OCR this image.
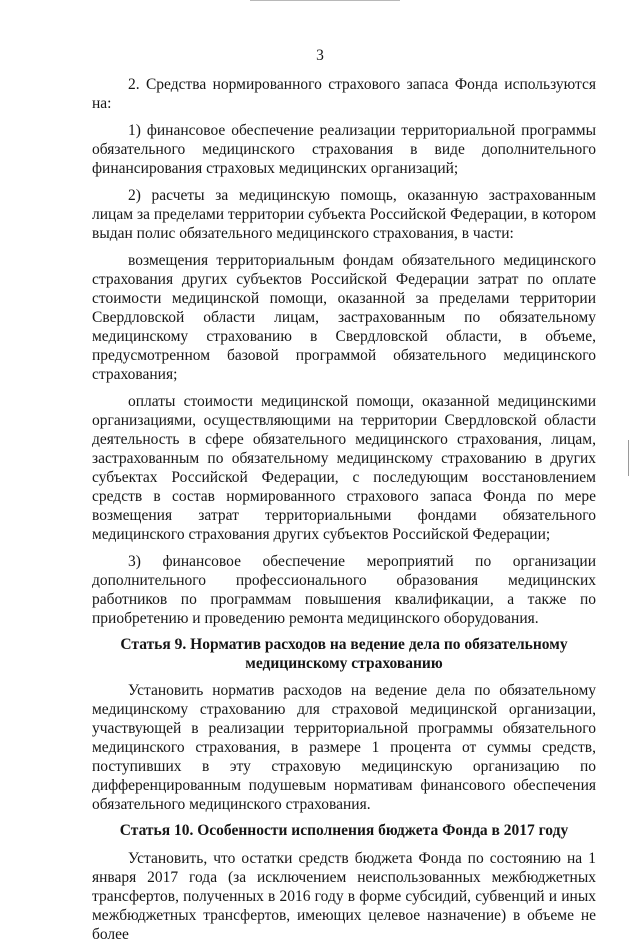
3

2. Средства нормированного страхового запаса Фонда используются на:

1) финансовое обеспечение реализации территориальной программы обязательного медицинского страхования в виде дополнительного финансирования страховых медицинских организаций;

2) расчеты за медицинскую помощь, оказанную застрахованным лицам за пределами территории субъекта Российской Федерации, в котором выдан полис обязательного медицинского страхования, в части:

возмещения территориальным фондам обязательного медицинского страхования других субъектов Российской Федерации затрат по оплате стоимости медицинской помощи, оказанной за пределами территории Свердловской области лицам, застрахованным по обязательному медицинскому страхованию в Свердловской области, в объеме, предусмотренном базовой программой обязательного медицинского страхования;

оплаты стоимости медицинской помощи, оказанной медицинскими организациями, осуществляющими на территории Свердловской области деятельность в сфере обязательного медицинского страхования, лицам, застрахованным по обязательному медицинскому страхованию в других субъектах Российской Федерации, с последующим восстановлением средств в состав нормированного страхового запаса Фонда по мере возмещения затрат территориальными фондами обязательного медицинского страхования других субъектов Российской Федерации;

3) финансовое обеспечение мероприятий по организации дополнительного профессионального образования медицинских работников по программам повышения квалификации, а также по приобретению и проведению ремонта медицинского оборудования.

Статья 9. Норматив расходов на ведение дела по обязательному
медицинскому страхованию

Установить норматив расходов на ведение дела по обязательному медицинскому страхованию для страховой медицинской организации, участвующей в реализации территориальной программы обязательного медицинского страхования, в размере 1 процента от суммы средств, поступивших в эту страховую медицинскую организацию по дифференцированным подушевым нормативам финансового обеспечения обязательного медицинского страхования.

Статья 10. Особенности исполнения бюджета Фонда в 2017 году

Установить, что остатки средств бюджета Фонда по состоянию на 1 января 2017 года (за исключением неиспользованных межбюджетных трансфертов, полученных в 2016 году в форме субсидий, субвенций и иных межбюджетных трансфертов, имеющих целевое назначение) в объеме не более
